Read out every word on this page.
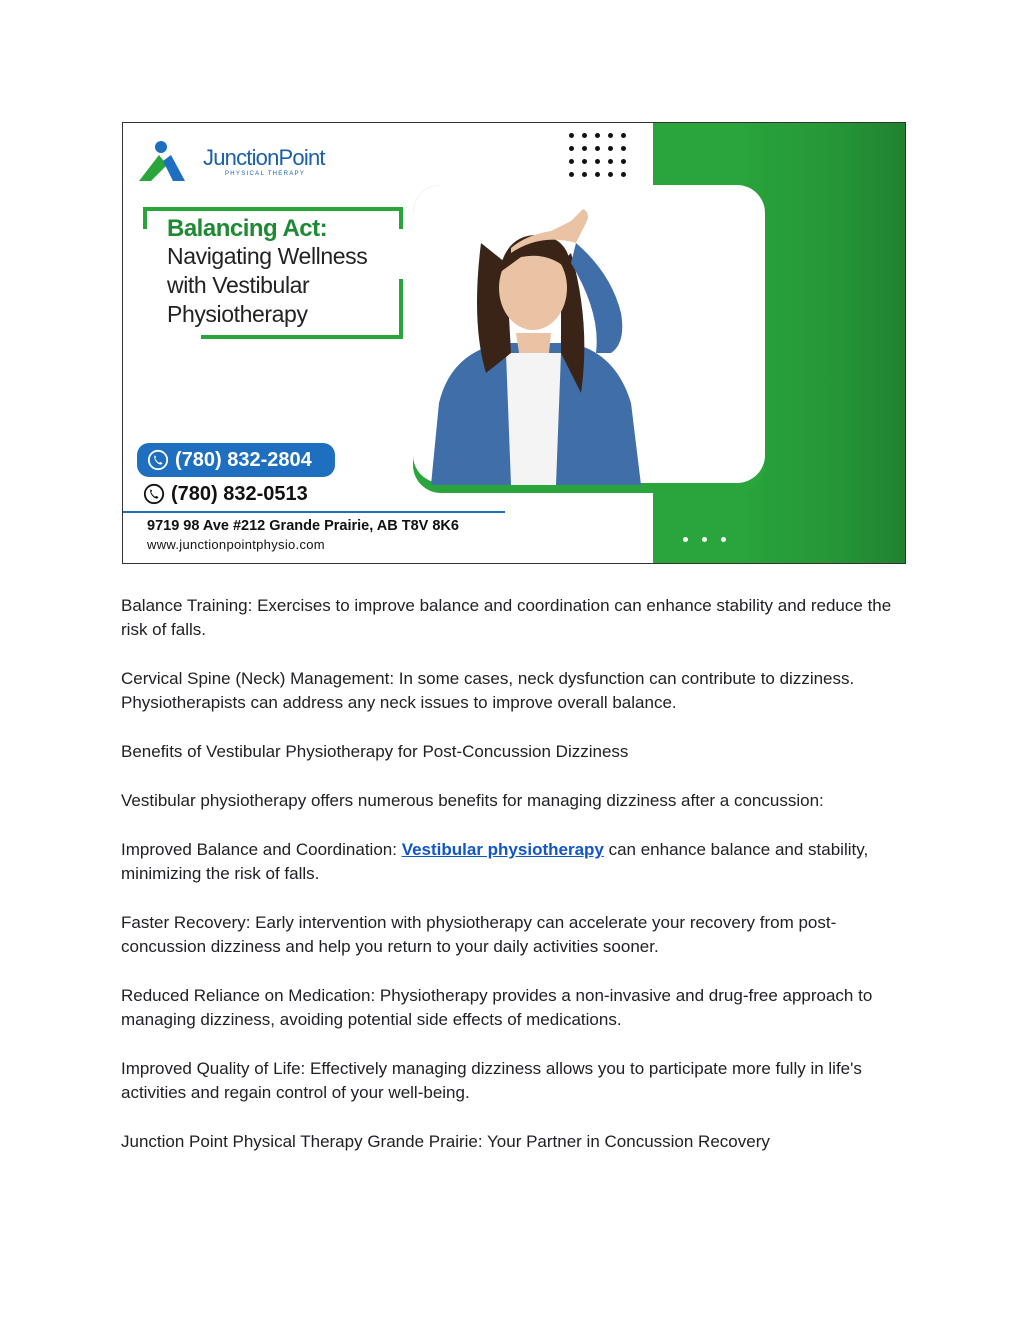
JunctionPoint
PHYSICAL THERAPY
Balancing Act:
Navigating Wellness
with Vestibular
Physiotherapy
(780) 832-2804
(780) 832-0513
9719 98 Ave #212 Grande Prairie, AB T8V 8K6
www.junctionpointphysio.com

Balance Training: Exercises to improve balance and coordination can enhance stability and reduce the risk of falls.

Cervical Spine (Neck) Management: In some cases, neck dysfunction can contribute to dizziness. Physiotherapists can address any neck issues to improve overall balance.

Benefits of Vestibular Physiotherapy for Post-Concussion Dizziness

Vestibular physiotherapy offers numerous benefits for managing dizziness after a concussion:

Improved Balance and Coordination: Vestibular physiotherapy can enhance balance and stability, minimizing the risk of falls.

Faster Recovery: Early intervention with physiotherapy can accelerate your recovery from post-concussion dizziness and help you return to your daily activities sooner.

Reduced Reliance on Medication: Physiotherapy provides a non-invasive and drug-free approach to managing dizziness, avoiding potential side effects of medications.

Improved Quality of Life: Effectively managing dizziness allows you to participate more fully in life's activities and regain control of your well-being.

Junction Point Physical Therapy Grande Prairie: Your Partner in Concussion Recovery
